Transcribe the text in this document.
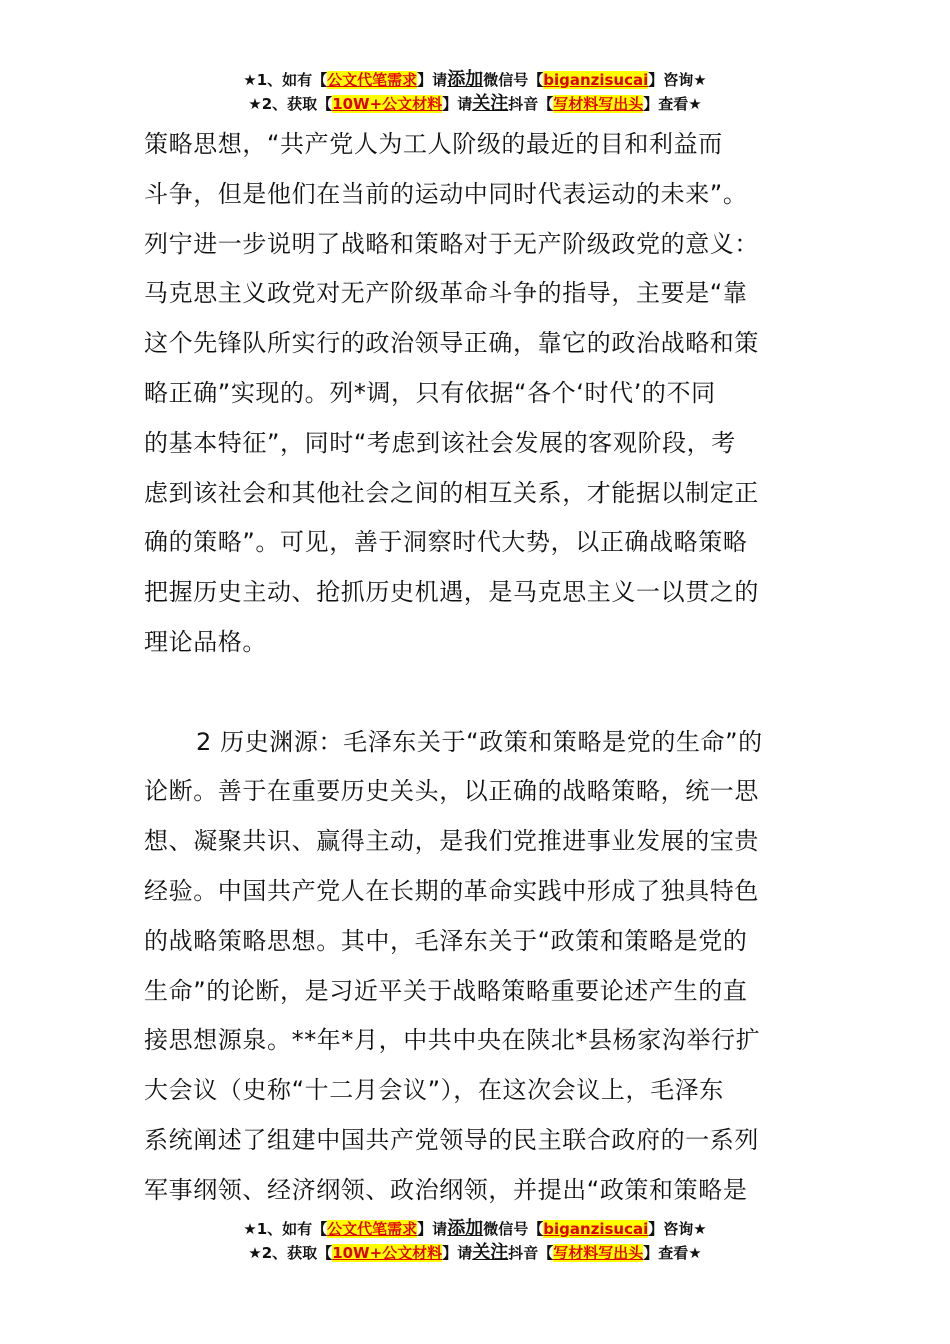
★1、如有【公文代笔需求】请添加微信号【biganzisucai】咨询★
★2、获取【10W+公文材料】请关注抖音【写材料写出头】查看★
策略思想，“共产党人为工人阶级的最近的目和利益而
斗争，但是他们在当前的运动中同时代表运动的未来”。
列宁进一步说明了战略和策略对于无产阶级政党的意义：
马克思主义政党对无产阶级革命斗争的指导，主要是“靠
这个先锋队所实行的政治领导正确，靠它的政治战略和策
略正确”实现的。列*调，只有依据“各个‘时代’的不同
的基本特征”，同时“考虑到该社会发展的客观阶段，考
虑到该社会和其他社会之间的相互关系，才能据以制定正
确的策略”。可见，善于洞察时代大势，以正确战略策略
把握历史主动、抢抓历史机遇，是马克思主义一以贯之的
理论品格。
2 历史渊源：毛泽东关于“政策和策略是党的生命”的
论断。善于在重要历史关头，以正确的战略策略，统一思
想、凝聚共识、赢得主动，是我们党推进事业发展的宝贵
经验。中国共产党人在长期的革命实践中形成了独具特色
的战略策略思想。其中，毛泽东关于“政策和策略是党的
生命”的论断，是习近平关于战略策略重要论述产生的直
接思想源泉。**年*月，中共中央在陕北*县杨家沟举行扩
大会议（史称“十二月会议”），在这次会议上，毛泽东
系统阐述了组建中国共产党领导的民主联合政府的一系列
军事纲领、经济纲领、政治纲领，并提出“政策和策略是
★1、如有【公文代笔需求】请添加微信号【biganzisucai】咨询★
★2、获取【10W+公文材料】请关注抖音【写材料写出头】查看★
